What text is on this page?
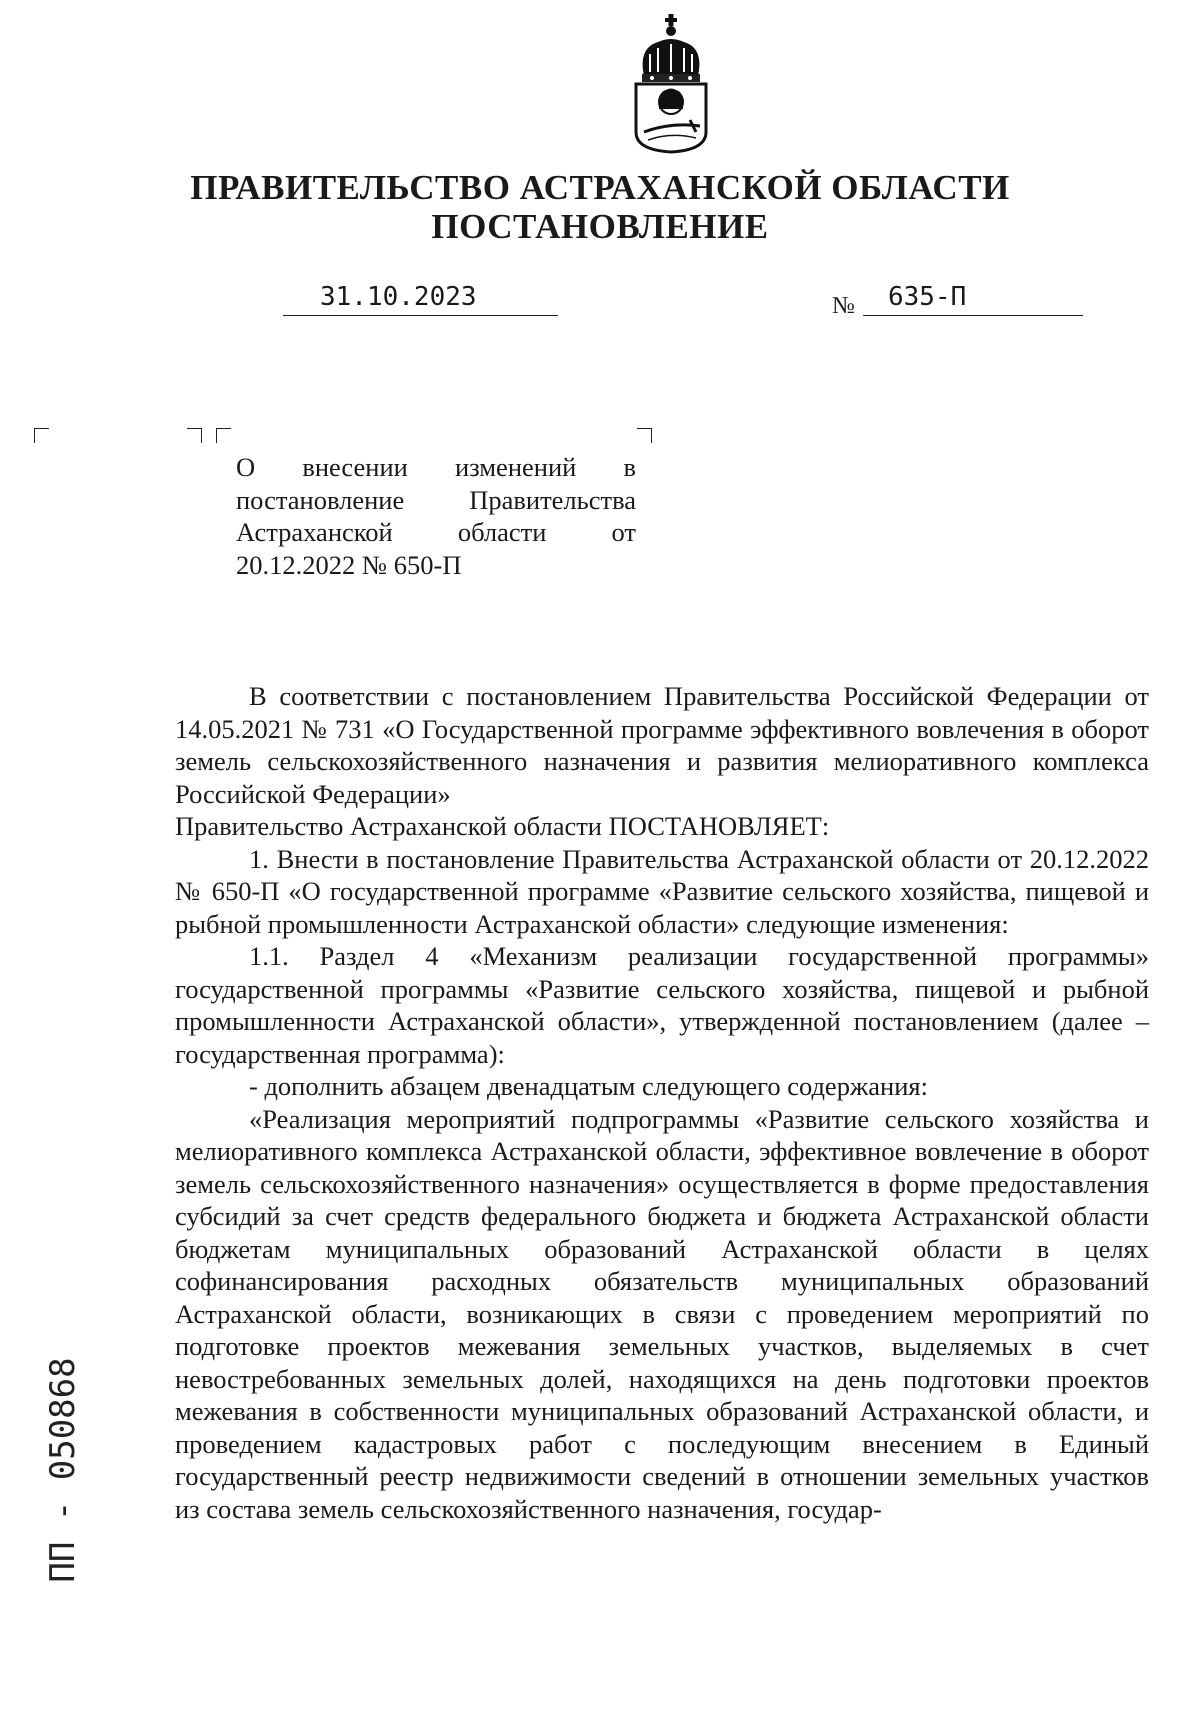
ПРАВИТЕЛЬСТВО АСТРАХАНСКОЙ ОБЛАСТИ
ПОСТАНОВЛЕНИЕ
31.10.2023	№ 635-П
О внесении изменений в постановление Правительства Астраханской области от 20.12.2022 № 650-П

В соответствии с постановлением Правительства Российской Федерации от 14.05.2021 № 731 «О Государственной программе эффективного вовлечения в оборот земель сельскохозяйственного назначения и развития мелиоративного комплекса Российской Федерации»

Правительство Астраханской области ПОСТАНОВЛЯЕТ:

1. Внести в постановление Правительства Астраханской области от 20.12.2022 № 650-П «О государственной программе «Развитие сельского хозяйства, пищевой и рыбной промышленности Астраханской области» следующие изменения:

1.1. Раздел 4 «Механизм реализации государственной программы» государственной программы «Развитие сельского хозяйства, пищевой и рыбной промышленности Астраханской области», утвержденной постановлением (далее – государственная программа):

- дополнить абзацем двенадцатым следующего содержания:

«Реализация мероприятий подпрограммы «Развитие сельского хозяйства и мелиоративного комплекса Астраханской области, эффективное вовлечение в оборот земель сельскохозяйственного назначения» осуществляется в форме предоставления субсидий за счет средств федерального бюджета и бюджета Астраханской области бюджетам муниципальных образований Астраханской области в целях софинансирования расходных обязательств муниципальных образований Астраханской области, возникающих в связи с проведением мероприятий по подготовке проектов межевания земельных участков, выделяемых в счет невостребованных земельных долей, находящихся на день подготовки проектов межевания в собственности муниципальных образований Астраханской области, и проведением кадастровых работ с последующим внесением в Единый государственный реестр недвижимости сведений в отношении земельных участков из состава земель сельскохозяйственного назначения, государ-

ПП - 050868
